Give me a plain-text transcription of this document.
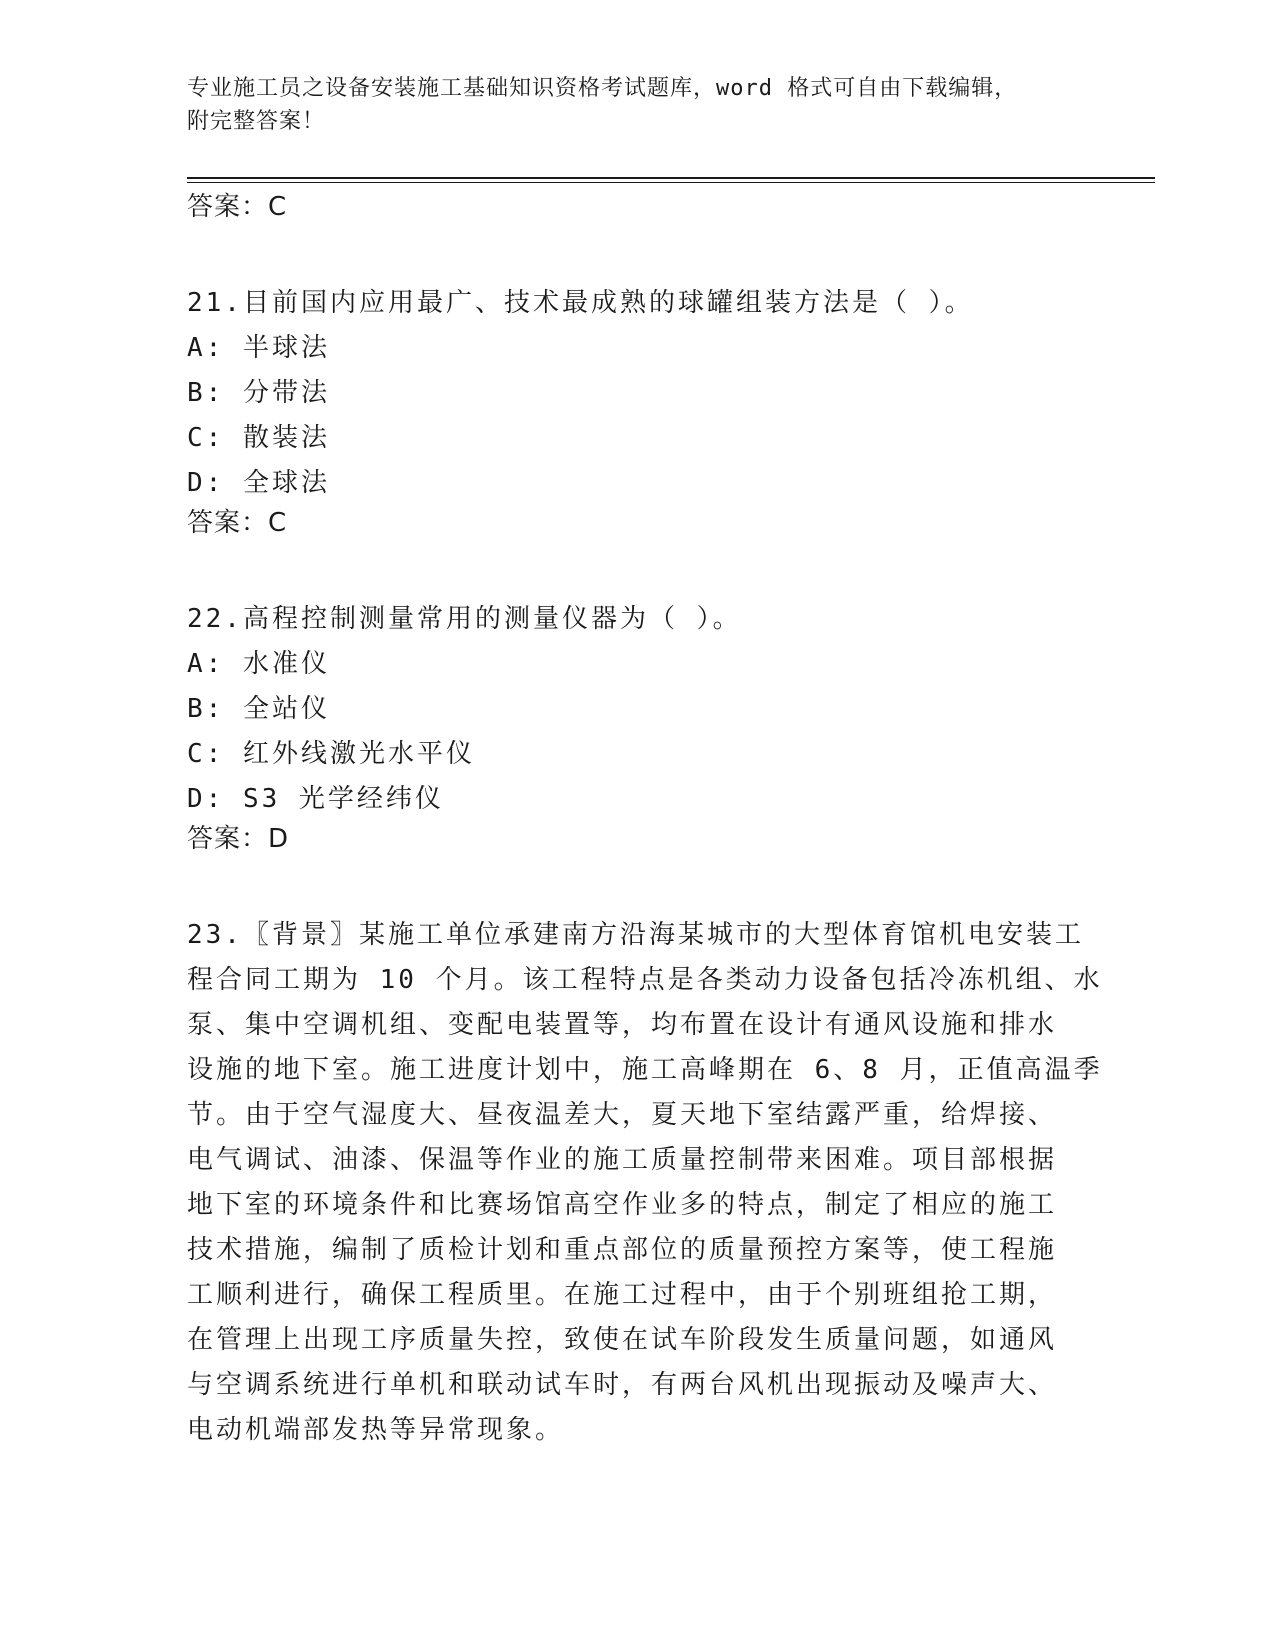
专业施工员之设备安装施工基础知识资格考试题库，word 格式可自由下载编辑，
附完整答案！
答案：C
21.目前国内应用最广、技术最成熟的球罐组装方法是（ ）。
A: 半球法
B: 分带法
C: 散装法
D: 全球法
答案：C
22.高程控制测量常用的测量仪器为（ ）。
A: 水准仪
B: 全站仪
C: 红外线激光水平仪
D: S3 光学经纬仪
答案：D
23.〖背景〗某施工单位承建南方沿海某城市的大型体育馆机电安装工
程合同工期为 10 个月。该工程特点是各类动力设备包括冷冻机组、水
泵、集中空调机组、变配电装置等，均布置在设计有通风设施和排水
设施的地下室。施工进度计划中，施工高峰期在 6、8 月，正值高温季
节。由于空气湿度大、昼夜温差大，夏天地下室结露严重，给焊接、
电气调试、油漆、保温等作业的施工质量控制带来困难。项目部根据
地下室的环境条件和比赛场馆高空作业多的特点，制定了相应的施工
技术措施，编制了质检计划和重点部位的质量预控方案等，使工程施
工顺利进行，确保工程质里。在施工过程中，由于个别班组抢工期，
在管理上出现工序质量失控，致使在试车阶段发生质量问题，如通风
与空调系统进行单机和联动试车时，有两台风机出现振动及噪声大、
电动机端部发热等异常现象。
